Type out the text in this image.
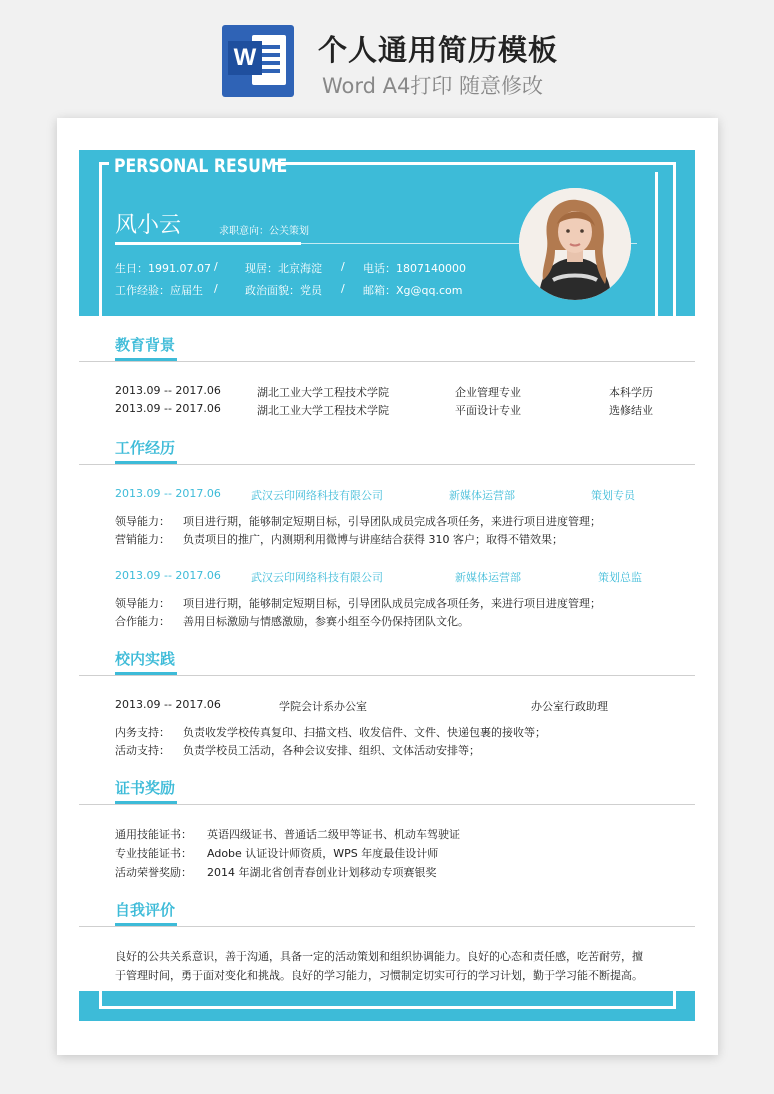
W 个人通用简历模板
Word A4打印 随意修改
PERSONAL RESUME
风小云	求职意向：公关策划
生日：1991.07.07 / 现居：北京海淀 / 电话：1807140000
工作经验：应届生 / 政治面貌：党员 / 邮箱：Xg@qq.com
教育背景
2013.09 -- 2017.06	湖北工业大学工程技术学院	企业管理专业	本科学历
2013.09 -- 2017.06	湖北工业大学工程技术学院	平面设计专业	选修结业
工作经历
2013.09 -- 2017.06	武汉云印网络科技有限公司	新媒体运营部	策划专员
领导能力： 项目进行期，能够制定短期目标，引导团队成员完成各项任务，来进行项目进度管理；
营销能力： 负责项目的推广，内测期利用微博与讲座结合获得 310 客户；取得不错效果；
2013.09 -- 2017.06	武汉云印网络科技有限公司	新媒体运营部	策划总监
领导能力： 项目进行期，能够制定短期目标，引导团队成员完成各项任务，来进行项目进度管理；
合作能力： 善用目标激励与情感激励，参赛小组至今仍保持团队文化。
校内实践
2013.09 -- 2017.06	学院会计系办公室	办公室行政助理
内务支持： 负责收发学校传真复印、扫描文档、收发信件、文件、快递包裹的接收等；
活动支持： 负责学校员工活动，各种会议安排、组织、文体活动安排等；
证书奖励
通用技能证书： 英语四级证书、普通话二级甲等证书、机动车驾驶证
专业技能证书： Adobe 认证设计师资质，WPS 年度最佳设计师
活动荣誉奖励： 2014 年湖北省创青春创业计划移动专项赛银奖
自我评价
良好的公共关系意识，善于沟通，具备一定的活动策划和组织协调能力。良好的心态和责任感，吃苦耐劳，擅
于管理时间，勇于面对变化和挑战。良好的学习能力，习惯制定切实可行的学习计划，勤于学习能不断提高。
